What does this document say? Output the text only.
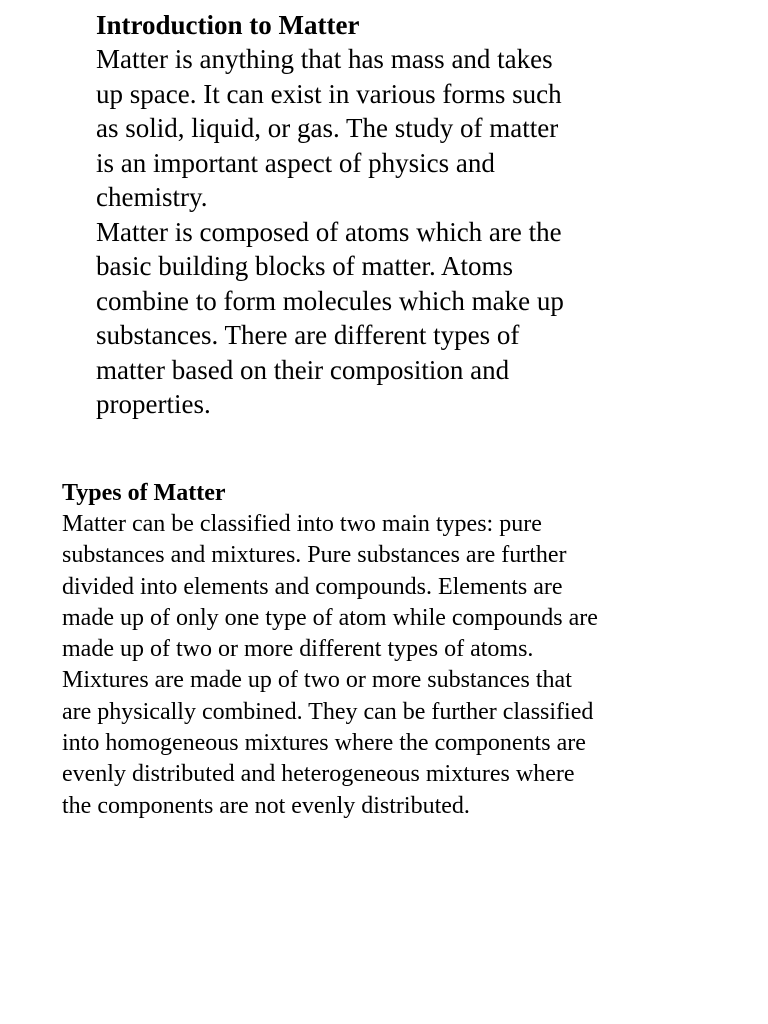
Introduction to Matter
Matter is anything that has mass and takes
up space. It can exist in various forms such
as solid, liquid, or gas. The study of matter
is an important aspect of physics and
chemistry.
Matter is composed of atoms which are the
basic building blocks of matter. Atoms
combine to form molecules which make up
substances. There are different types of
matter based on their composition and
properties.
Types of Matter
Matter can be classified into two main types: pure
substances and mixtures. Pure substances are further
divided into elements and compounds. Elements are
made up of only one type of atom while compounds are
made up of two or more different types of atoms.
Mixtures are made up of two or more substances that
are physically combined. They can be further classified
into homogeneous mixtures where the components are
evenly distributed and heterogeneous mixtures where
the components are not evenly distributed.
